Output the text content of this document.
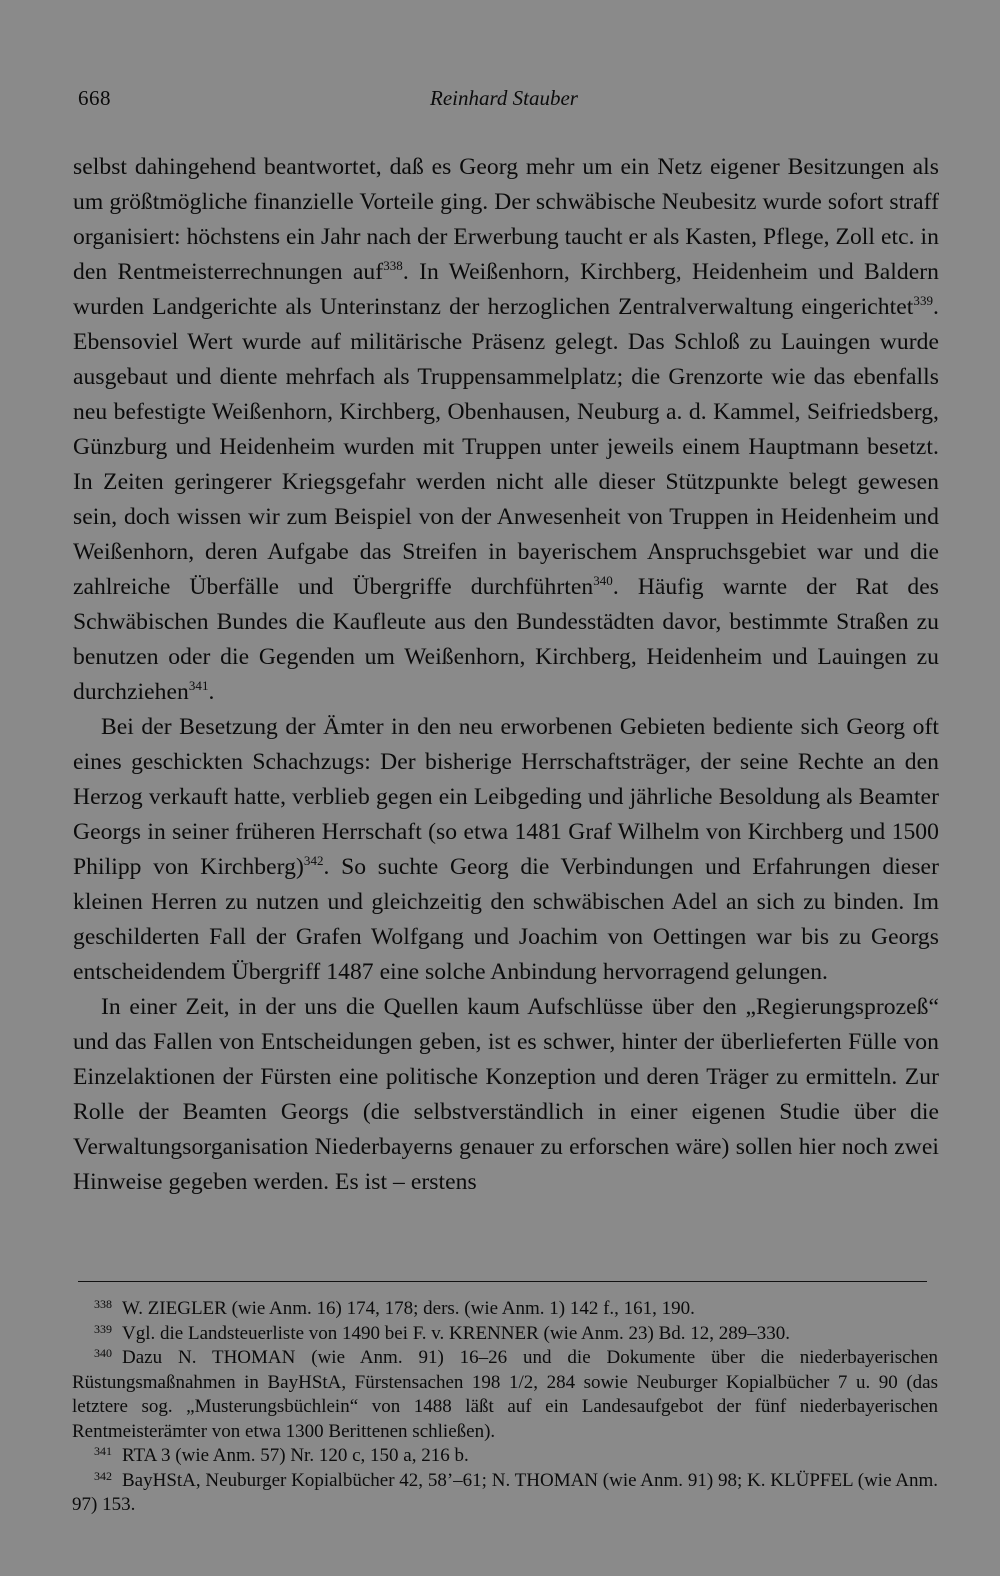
668	Reinhard Stauber

selbst dahingehend beantwortet, daß es Georg mehr um ein Netz eigener Besitzungen als um größtmögliche finanzielle Vorteile ging. Der schwäbische Neubesitz wurde sofort straff organisiert: höchstens ein Jahr nach der Erwerbung taucht er als Kasten, Pflege, Zoll etc. in den Rentmeisterrechnungen auf$^{338}$. In Weißenhorn, Kirchberg, Heidenheim und Baldern wurden Landgerichte als Unterinstanz der herzoglichen Zentralverwaltung eingerichtet$^{339}$. Ebensoviel Wert wurde auf militärische Präsenz gelegt. Das Schloß zu Lauingen wurde ausgebaut und diente mehrfach als Truppensammelplatz; die Grenzorte wie das ebenfalls neu befestigte Weißenhorn, Kirchberg, Obenhausen, Neuburg a. d. Kammel, Seifriedsberg, Günzburg und Heidenheim wurden mit Truppen unter jeweils einem Hauptmann besetzt. In Zeiten geringerer Kriegsgefahr werden nicht alle dieser Stützpunkte belegt gewesen sein, doch wissen wir zum Beispiel von der Anwesenheit von Truppen in Heidenheim und Weißenhorn, deren Aufgabe das Streifen in bayerischem Anspruchsgebiet war und die zahlreiche Überfälle und Übergriffe durchführten$^{340}$. Häufig warnte der Rat des Schwäbischen Bundes die Kaufleute aus den Bundesstädten davor, bestimmte Straßen zu benutzen oder die Gegenden um Weißenhorn, Kirchberg, Heidenheim und Lauingen zu durchziehen$^{341}$.

Bei der Besetzung der Ämter in den neu erworbenen Gebieten bediente sich Georg oft eines geschickten Schachzugs: Der bisherige Herrschaftsträger, der seine Rechte an den Herzog verkauft hatte, verblieb gegen ein Leibgeding und jährliche Besoldung als Beamter Georgs in seiner früheren Herrschaft (so etwa 1481 Graf Wilhelm von Kirchberg und 1500 Philipp von Kirchberg)$^{342}$. So suchte Georg die Verbindungen und Erfahrungen dieser kleinen Herren zu nutzen und gleichzeitig den schwäbischen Adel an sich zu binden. Im geschilderten Fall der Grafen Wolfgang und Joachim von Oettingen war bis zu Georgs entscheidendem Übergriff 1487 eine solche Anbindung hervorragend gelungen.

In einer Zeit, in der uns die Quellen kaum Aufschlüsse über den „Regierungsprozeß“ und das Fallen von Entscheidungen geben, ist es schwer, hinter der überlieferten Fülle von Einzelaktionen der Fürsten eine politische Konzeption und deren Träger zu ermitteln. Zur Rolle der Beamten Georgs (die selbstverständlich in einer eigenen Studie über die Verwaltungsorganisation Niederbayerns genauer zu erforschen wäre) sollen hier noch zwei Hinweise gegeben werden. Es ist – erstens

$^{338}$ W. ZIEGLER (wie Anm. 16) 174, 178; ders. (wie Anm. 1) 142 f., 161, 190.

$^{339}$ Vgl. die Landsteuerliste von 1490 bei F. v. KRENNER (wie Anm. 23) Bd. 12, 289–330.

$^{340}$ Dazu N. THOMAN (wie Anm. 91) 16–26 und die Dokumente über die niederbayerischen Rüstungsmaßnahmen in BayHStA, Fürstensachen 198 1/2, 284 sowie Neuburger Kopialbücher 7 u. 90 (das letztere sog. „Musterungsbüchlein“ von 1488 läßt auf ein Landesaufgebot der fünf niederbayerischen Rentmeisterämter von etwa 1300 Berittenen schließen).

$^{341}$ RTA 3 (wie Anm. 57) Nr. 120 c, 150 a, 216 b.

$^{342}$ BayHStA, Neuburger Kopialbücher 42, 58’–61; N. THOMAN (wie Anm. 91) 98; K. KLÜPFEL (wie Anm. 97) 153.
